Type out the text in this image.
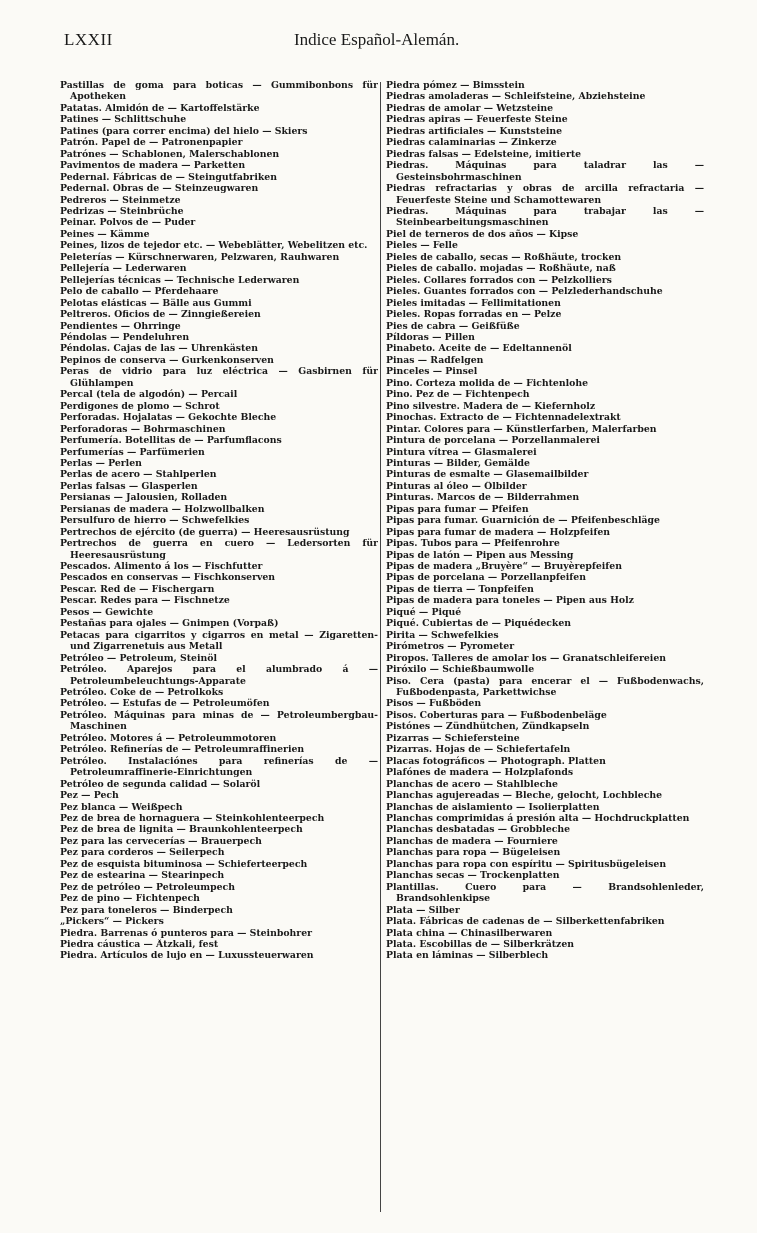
LXXII	Indice Español-Alemán.
Pastillas de goma para boticas — Gummibonbons für Apotheken
Patatas. Almidón de — Kartoffelstärke
Patines — Schlittschuhe
Patines (para correr encima) del hielo — Skiers
Patrón. Papel de — Patronenpapier
Patrónes — Schablonen, Malerschablonen
Pavimentos de madera — Parketten
Pedernal. Fábricas de — Steingutfabriken
Pedernal. Obras de — Steinzeugwaren
Pedreros — Steinmetze
Pedrizas — Steinbrüche
Peinar. Polvos de — Puder
Peines — Kämme
Peines, lizos de tejedor etc. — Webeblätter, Webelitzen etc.
Peleterías — Kürschnerwaren, Pelzwaren, Rauhwaren
Pellejería — Lederwaren
Pellejerías técnicas — Technische Lederwaren
Pelo de caballo — Pferdehaare
Pelotas elásticas — Bälle aus Gummi
Peltreros. Oficios de — Zinngießereien
Pendientes — Ohrringe
Péndolas — Pendeluhren
Péndolas. Cajas de las — Uhrenkästen
Pepinos de conserva — Gurkenkonserven
Peras de vidrio para luz eléctrica — Gasbirnen für Glühlampen
Percal (tela de algodón) — Percail
Perdigones de plomo — Schrot
Perforadas. Hojalatas — Gekochte Bleche
Perforadoras — Bohrmaschinen
Perfumería. Botellitas de — Parfumflacons
Perfumerías — Parfümerien
Perlas — Perlen
Perlas de acero — Stahlperlen
Perlas falsas — Glasperlen
Persianas — Jalousien, Rolladen
Persianas de madera — Holzwollbalken
Persulfuro de hierro — Schwefelkies
Pertrechos de ejército (de guerra) — Heeresausrüstung
Pertrechos de guerra en cuero — Ledersorten für Heeresausrüstung
Pescados. Alimento á los — Fischfutter
Pescados en conservas — Fischkonserven
Pescar. Red de — Fischergarn
Pescar. Redes para — Fischnetze
Pesos — Gewichte
Pestañas para ojales — Gnimpen (Vorpaß)
Petacas para cigarritos y cigarros en metal — Zigaretten- und Zigarrenetuis aus Metall
Petróleo — Petroleum, Steinöl
Petróleo. Aparejos para el alumbrado á — Petroleumbeleuchtungs-Apparate
Petróleo. Coke de — Petrolkoks
Petróleo. — Estufas de — Petroleumöfen
Petróleo. Máquinas para minas de — Petroleumbergbau-Maschinen
Petróleo. Motores á — Petroleummotoren
Petróleo. Refinerías de — Petroleumraffinerien
Petróleo. Instalaciónes para refinerías de — Petroleumraffinerie-Einrichtungen
Petróleo de segunda calidad — Solaröl
Pez — Pech
Pez blanca — Weißpech
Pez de brea de hornaguera — Steinkohlenteerpech
Pez de brea de lignita — Braunkohlenteerpech
Pez para las cervecerías — Brauerpech
Pez para corderos — Seilerpech
Pez de esquista bituminosa — Schieferteerpech
Pez de estearina — Stearinpech
Pez de petróleo — Petroleumpech
Pez de pino — Fichtenpech
Pez para toneleros — Binderpech
„Pickers“ — Pickers
Piedra. Barrenas ó punteros para — Steinbohrer
Piedra cáustica — Ätzkali, fest
Piedra. Artículos de lujo en — Luxussteuerwaren
Piedra pómez — Bimsstein
Piedras amoladeras — Schleifsteine, Abziehsteine
Piedras de amolar — Wetzsteine
Piedras apiras — Feuerfeste Steine
Piedras artificiales — Kunststeine
Piedras calaminarias — Zinkerze
Piedras falsas — Edelsteine, imitierte
Piedras. Máquinas para taladrar las — Gesteinsbohrmaschinen
Piedras refractarias y obras de arcilla refractaria — Feuerfeste Steine und Schamottewaren
Piedras. Máquinas para trabajar las — Steinbearbeitungsmaschinen
Piel de terneros de dos años — Kipse
Pieles — Felle
Pieles de caballo, secas — Roßhäute, trocken
Pieles de caballo. mojadas — Roßhäute, naß
Pieles. Collares forrados con — Pelzkolliers
Pieles. Guantes forrados con — Pelzlederhandschuhe
Pieles imitadas — Fellimitationen
Pieles. Ropas forradas en — Pelze
Pies de cabra — Geißfüße
Píldoras — Pillen
Pinabeto. Aceite de — Edeltannenöl
Pinas — Radfelgen
Pinceles — Pinsel
Pino. Corteza molida de — Fichtenlohe
Pino. Pez de — Fichtenpech
Pino silvestre. Madera de — Kiefernholz
Pinochas. Extracto de — Fichtennadelextrakt
Pintar. Colores para — Künstlerfarben, Malerfarben
Pintura de porcelana — Porzellanmalerei
Pintura vítrea — Glasmalerei
Pinturas — Bilder, Gemälde
Pinturas de esmalte — Glasemailbilder
Pinturas al óleo — Ölbilder
Pinturas. Marcos de — Bilderrahmen
Pipas para fumar — Pfeifen
Pipas para fumar. Guarnición de — Pfeifenbeschläge
Pipas para fumar de madera — Holzpfeifen
Pipas. Tubos para — Pfeifenrohre
Pipas de latón — Pipen aus Messing
Pipas de madera „Bruyère“ — Bruyèrepfeifen
Pipas de porcelana — Porzellanpfeifen
Pipas de tierra — Tonpfeifen
Pipas de madera para toneles — Pipen aus Holz
Piqué — Piqué
Piqué. Cubiertas de — Piquédecken
Pirita — Schwefelkies
Pirómetros — Pyrometer
Piropos. Talleres de amolar los — Granatschleifereien
Piróxilo — Schießbaumwolle
Piso. Cera (pasta) para encerar el — Fußbodenwachs, Fußbodenpasta, Parkettwichse
Pisos — Fußböden
Pisos. Coberturas para — Fußbodenbeläge
Pistónes — Zündhütchen, Zündkapseln
Pizarras — Schiefersteine
Pizarras. Hojas de — Schiefertafeln
Placas fotográficos — Photograph. Platten
Plafónes de madera — Holzplafonds
Planchas de acero — Stahlbleche
Planchas agujereadas — Bleche, gelocht, Lochbleche
Planchas de aislamiento — Isolierplatten
Planchas comprimidas á presión alta — Hochdruckplatten
Planchas desbatadas — Grobbleche
Planchas de madera — Fourniere
Planchas para ropa — Bügeleisen
Planchas para ropa con espíritu — Spiritusbügeleisen
Planchas secas — Trockenplatten
Plantillas. Cuero para — Brandsohlenleder, Brandsohlenkipse
Plata — Silber
Plata. Fábricas de cadenas de — Silberkettenfabriken
Plata china — Chinasilberwaren
Plata. Escobillas de — Silberkrätzen
Plata en láminas — Silberblech
